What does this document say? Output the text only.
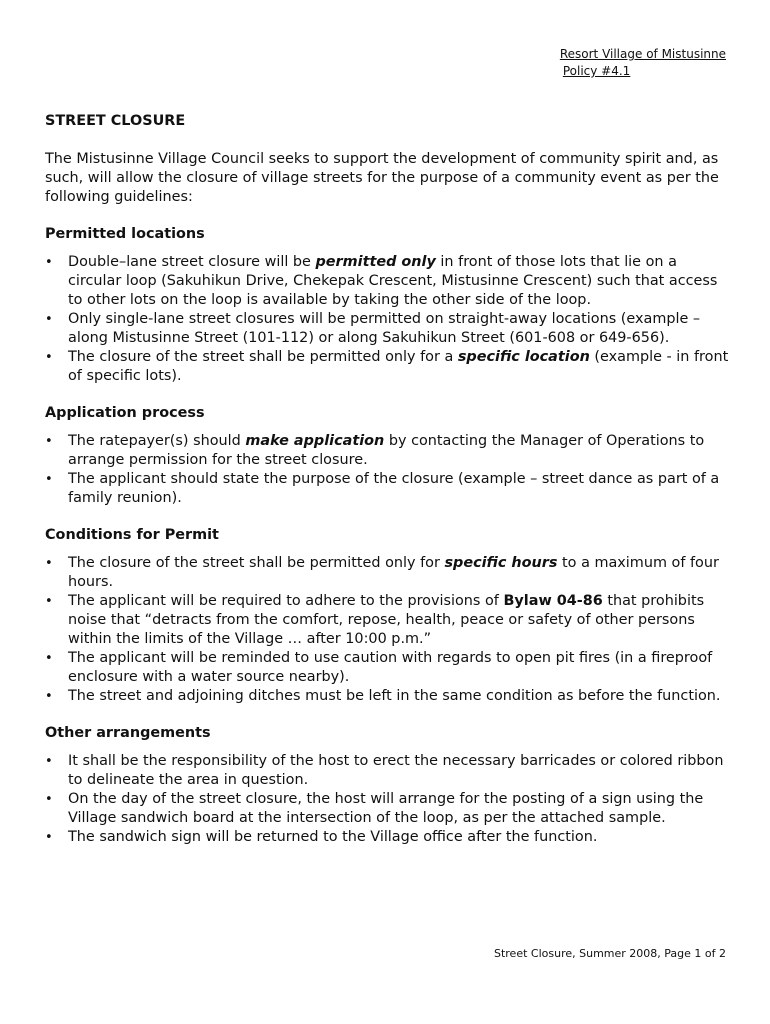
Resort Village of Mistusinne
Policy #4.1
STREET CLOSURE

The Mistusinne Village Council seeks to support the development of community spirit and, as such, will allow the closure of village streets for the purpose of a community event as per the following guidelines:

Permitted locations
• Double–lane street closure will be permitted only in front of those lots that lie on a circular loop (Sakuhikun Drive, Chekepak Crescent, Mistusinne Crescent) such that access to other lots on the loop is available by taking the other side of the loop.
• Only single-lane street closures will be permitted on straight-away locations (example – along Mistusinne Street (101-112) or along Sakuhikun Street (601-608 or 649-656).
• The closure of the street shall be permitted only for a specific location (example - in front of specific lots).
Application process
• The ratepayer(s) should make application by contacting the Manager of Operations to arrange permission for the street closure.
• The applicant should state the purpose of the closure (example – street dance as part of a family reunion).
Conditions for Permit
• The closure of the street shall be permitted only for specific hours to a maximum of four hours.
• The applicant will be required to adhere to the provisions of Bylaw 04-86 that prohibits noise that “detracts from the comfort, repose, health, peace or safety of other persons within the limits of the Village … after 10:00 p.m.”
• The applicant will be reminded to use caution with regards to open pit fires (in a fireproof enclosure with a water source nearby).
• The street and adjoining ditches must be left in the same condition as before the function.
Other arrangements
• It shall be the responsibility of the host to erect the necessary barricades or colored ribbon to delineate the area in question.
• On the day of the street closure, the host will arrange for the posting of a sign using the Village sandwich board at the intersection of the loop, as per the attached sample.
• The sandwich sign will be returned to the Village office after the function.
Street Closure, Summer 2008, Page 1 of 2
